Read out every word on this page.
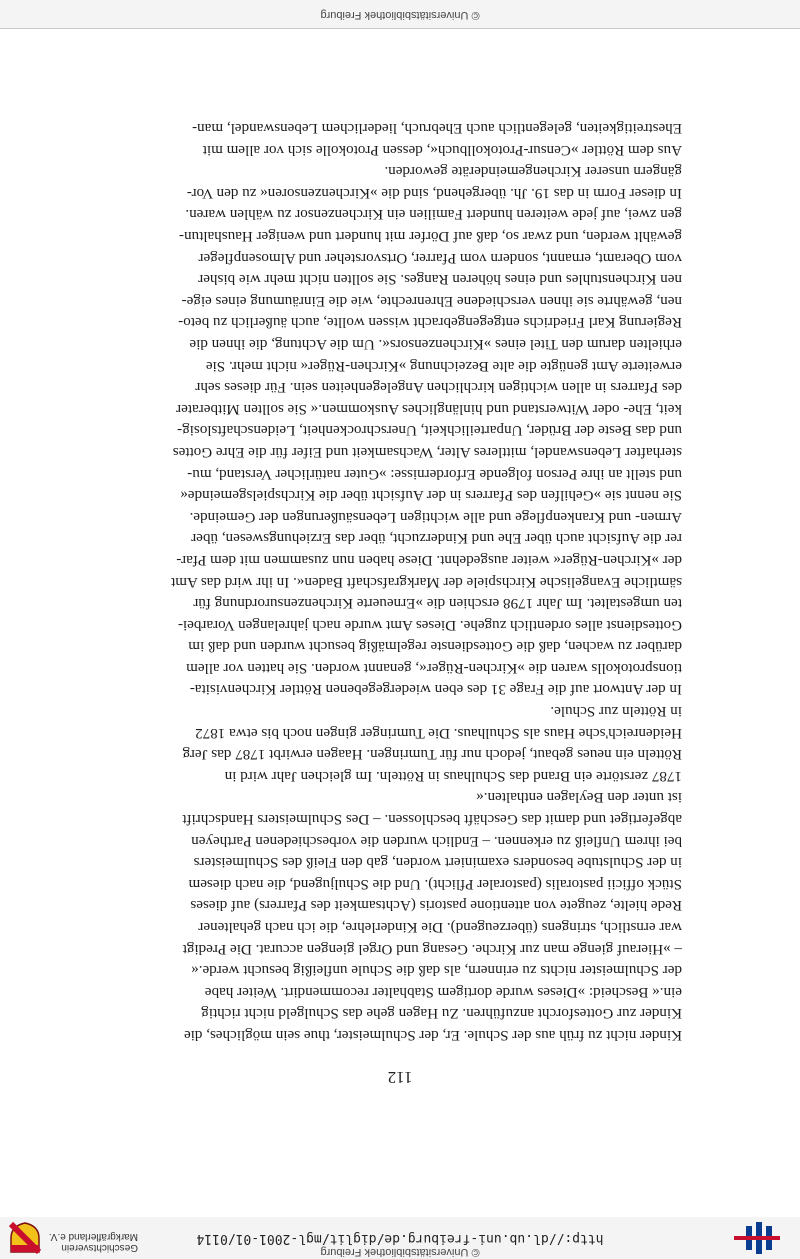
http://dl.ub.uni-freiburg.de/diglit/mgl-2001-01/0114
© Universitätsbibliothek Freiburg
Geschichtsverein
Markgräflerland e.V.

Kinder nicht zu früh aus der Schule. Er, der Schulmeister, thue sein mögliches, die

Kinder zur Gottesforcht anzuführen. Zu Hagen gehe das Schulgeld nicht richtig

ein.« Bescheid: »Dieses wurde dortigem Stabhalter recommendirt. Weiter habe

der Schulmeister nichts zu erinnern, als daß die Schule unfleißig besucht werde.«

– »Hierauf gienge man zur Kirche. Gesang und Orgel giengen accurat. Die Predigt

war ernstlich, stringens (überzeugend). Die Kinderlehre, die ich nach gehaltener

Rede hielte, zeugete von attentione pastoris (Achtsamkeit des Pfarrers) auf dieses

Stück officii pastoralis (pastoraler Pflicht). Und die Schuljugend, die nach diesem

in der Schulstube besonders examiniert worden, gab den Fleiß des Schulmeisters

bei ihrem Unfleiß zu erkennen. – Endlich wurden die vorbeschiedenen Partheyen

abgefertiget und damit das Geschäft beschlossen. – Des Schulmeisters Handschrift

ist unter den Beylagen enthalten.«

1787 zerstörte ein Brand das Schulhaus in Rötteln. Im gleichen Jahr wird in

Rötteln ein neues gebaut, jedoch nur für Tumringen. Haagen erwirbt 1787 das Jerg

Heidenreich'sche Haus als Schulhaus. Die Tumringer gingen noch bis etwa 1872

in Rötteln zur Schule.

In der Antwort auf die Frage 31 des eben wiedergegebenen Röttler Kirchenvisita-

tionsprotokolls waren die »Kirchen-Rüger«, genannt worden. Sie hatten vor allem

darüber zu wachen, daß die Gottesdienste regelmäßig besucht wurden und daß im

Gottesdienst alles ordentlich zugehe. Dieses Amt wurde nach jahrelangen Vorarbei-

ten umgestaltet. Im Jahr 1798 erschien die »Erneuerte Kirchenzensurordnung für

sämtliche Evangelische Kirchspiele der Markgrafschaft Baden«. In ihr wird das Amt

der »Kirchen-Rüger« weiter ausgedehnt. Diese haben nun zusammen mit dem Pfar-

rer die Aufsicht auch über Ehe und Kinderzucht, über das Erziehungswesen, über

Armen- und Krankenpflege und alle wichtigen Lebensäußerungen der Gemeinde.

Sie nennt sie »Gehilfen des Pfarrers in der Aufsicht über die Kirchspielsgemeinde«

und stellt an ihre Person folgende Erfordernisse: »Guter natürlicher Verstand, mu-

sterhafter Lebenswandel, mittleres Alter, Wachsamkeit und Eifer für die Ehre Gottes

und das Beste der Brüder, Unparteilichkeit, Unerschrockenheit, Leidenschaftslosig-

keit, Ehe- oder Witwerstand und hinlängliches Auskommen.« Sie sollten Mitberater

des Pfarrers in allen wichtigen kirchlichen Angelegenheiten sein. Für dieses sehr

erweiterte Amt genügte die alte Bezeichnung »Kirchen-Rüger« nicht mehr. Sie

erhielten darum den Titel eines »Kirchenzensors«. Um die Achtung, die ihnen die

Regierung Karl Friedrichs entgegengebracht wissen wollte, auch äußerlich zu beto-

nen, gewährte sie ihnen verschiedene Ehrenrechte, wie die Einräumung eines eige-

nen Kirchenstuhles und eines höheren Ranges. Sie sollten nicht mehr wie bisher

vom Oberamt, ernannt, sondern vom Pfarrer, Ortsvorsteher und Almosenpfleger

gewählt werden, und zwar so, daß auf Dörfer mit hundert und weniger Haushaltun-

gen zwei, auf jede weiteren hundert Familien ein Kirchenzensor zu wählen waren.

In dieser Form in das 19. Jh. übergehend, sind die »Kirchenzensoren« zu den Vor-

gängern unserer Kirchengemeinderäte geworden.

Aus dem Röttler »Censur-Protokollbuch«, dessen Protokolle sich vor allem mit

Ehestreitigkeiten, gelegentlich auch Ehebruch, liederlichem Lebenswandel, man-

112
© Universitätsbibliothek Freiburg
